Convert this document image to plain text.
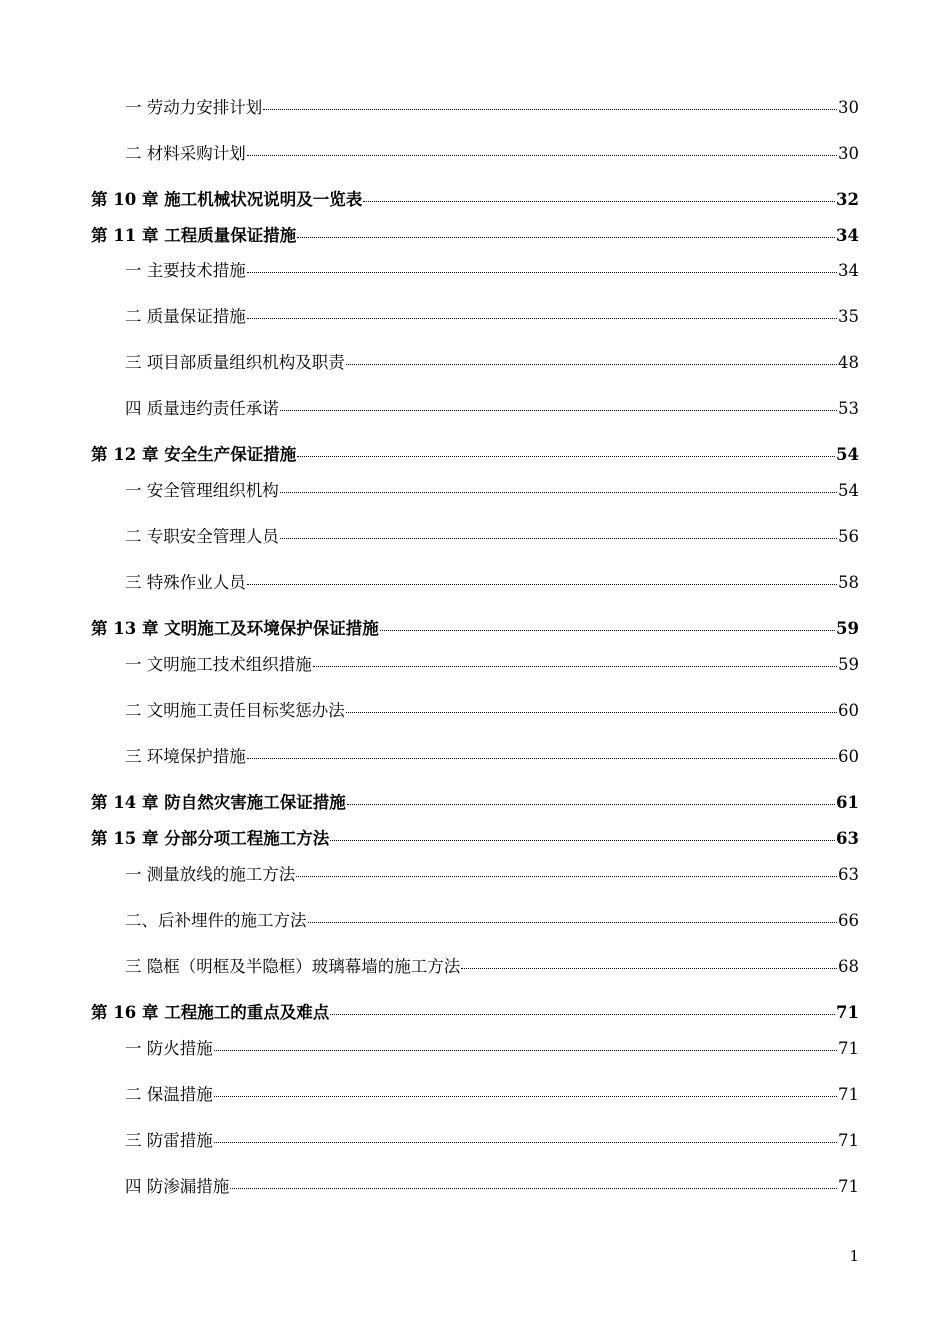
一 劳动力安排计划	30
二 材料采购计划	30
第 10 章 施工机械状况说明及一览表	32
第 11 章 工程质量保证措施	34
一 主要技术措施	34
二 质量保证措施	35
三 项目部质量组织机构及职责	48
四 质量违约责任承诺	53
第 12 章 安全生产保证措施	54
一 安全管理组织机构	54
二 专职安全管理人员	56
三 特殊作业人员	58
第 13 章 文明施工及环境保护保证措施	59
一 文明施工技术组织措施	59
二 文明施工责任目标奖惩办法	60
三 环境保护措施	60
第 14 章 防自然灾害施工保证措施	61
第 15 章 分部分项工程施工方法	63
一 测量放线的施工方法	63
二、后补埋件的施工方法	66
三 隐框（明框及半隐框）玻璃幕墙的施工方法	68
第 16 章 工程施工的重点及难点	71
一 防火措施	71
二 保温措施	71
三 防雷措施	71
四 防渗漏措施	71
1
